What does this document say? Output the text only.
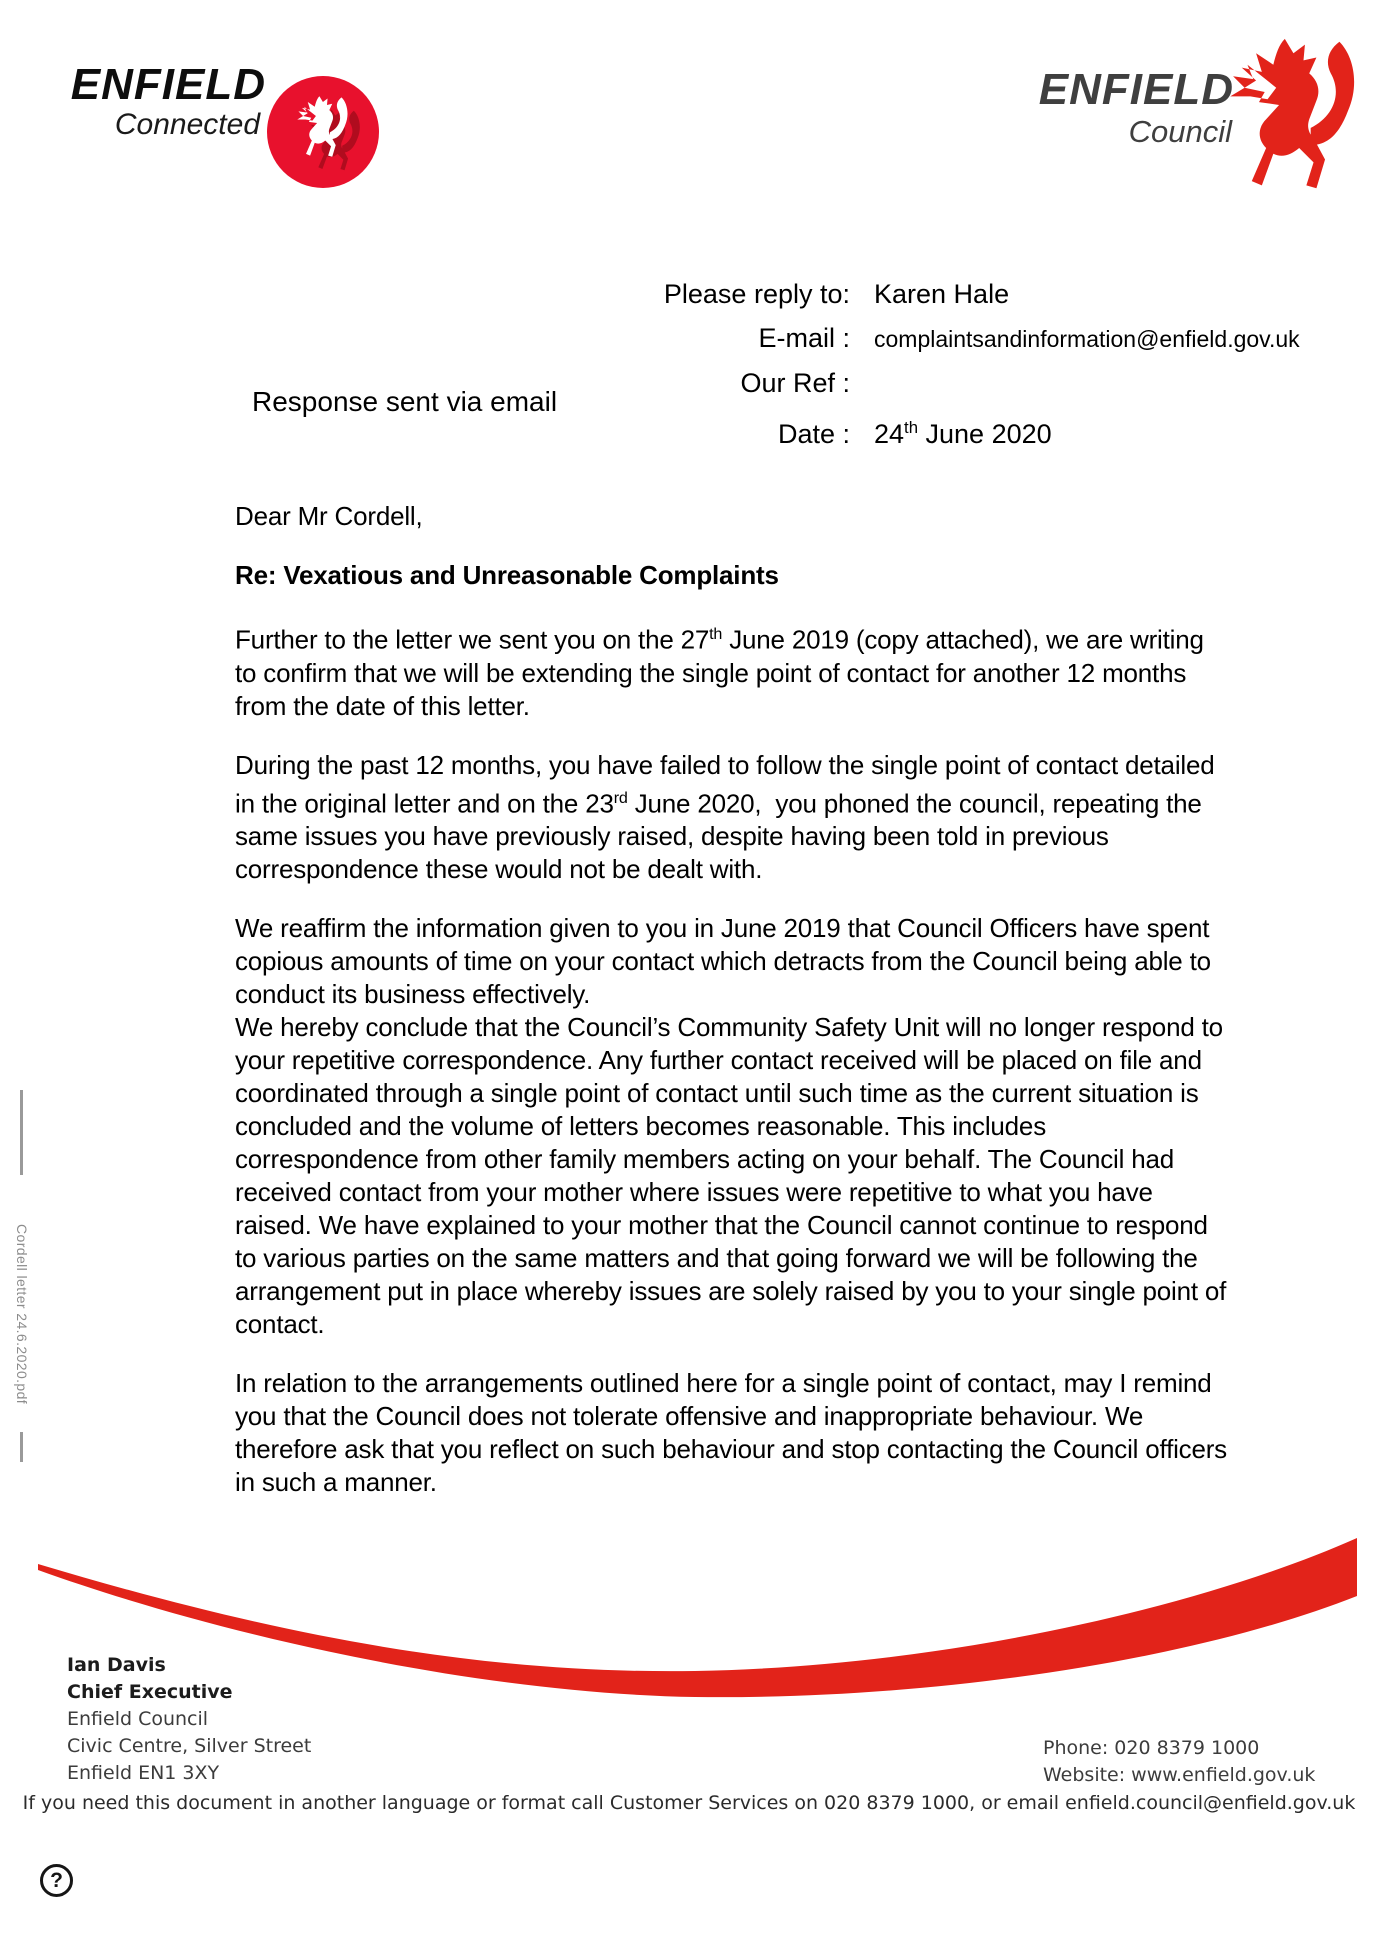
ENFIELD
Connected
ENFIELD
Council
Please reply to: Karen Hale
E-mail : complaintsandinformation@enfield.gov.uk
Our Ref :
Date : 24th June 2020
Response sent via email

Dear Mr Cordell,

Re: Vexatious and Unreasonable Complaints

Further to the letter we sent you on the 27th June 2019 (copy attached), we are writing to confirm that we will be extending the single point of contact for another 12 months from the date of this letter.

During the past 12 months, you have failed to follow the single point of contact detailed in the original letter and on the 23rd June 2020,  you phoned the council, repeating the same issues you have previously raised, despite having been told in previous correspondence these would not be dealt with.

We reaffirm the information given to you in June 2019 that Council Officers have spent copious amounts of time on your contact which detracts from the Council being able to conduct its business effectively.

We hereby conclude that the Council’s Community Safety Unit will no longer respond to your repetitive correspondence. Any further contact received will be placed on file and coordinated through a single point of contact until such time as the current situation is concluded and the volume of letters becomes reasonable. This includes correspondence from other family members acting on your behalf. The Council had received contact from your mother where issues were repetitive to what you have raised. We have explained to your mother that the Council cannot continue to respond to various parties on the same matters and that going forward we will be following the arrangement put in place whereby issues are solely raised by you to your single point of contact.

In relation to the arrangements outlined here for a single point of contact, may I remind you that the Council does not tolerate offensive and inappropriate behaviour. We therefore ask that you reflect on such behaviour and stop contacting the Council officers in such a manner.

Cordell letter 24.6.2020.pdf
Ian Davis
Chief Executive
Enfield Council
Civic Centre, Silver Street
Enfield EN1 3XY
Phone: 020 8379 1000
Website: www.enfield.gov.uk
If you need this document in another language or format call Customer Services on 020 8379 1000, or email enfield.council@enfield.gov.uk
?
